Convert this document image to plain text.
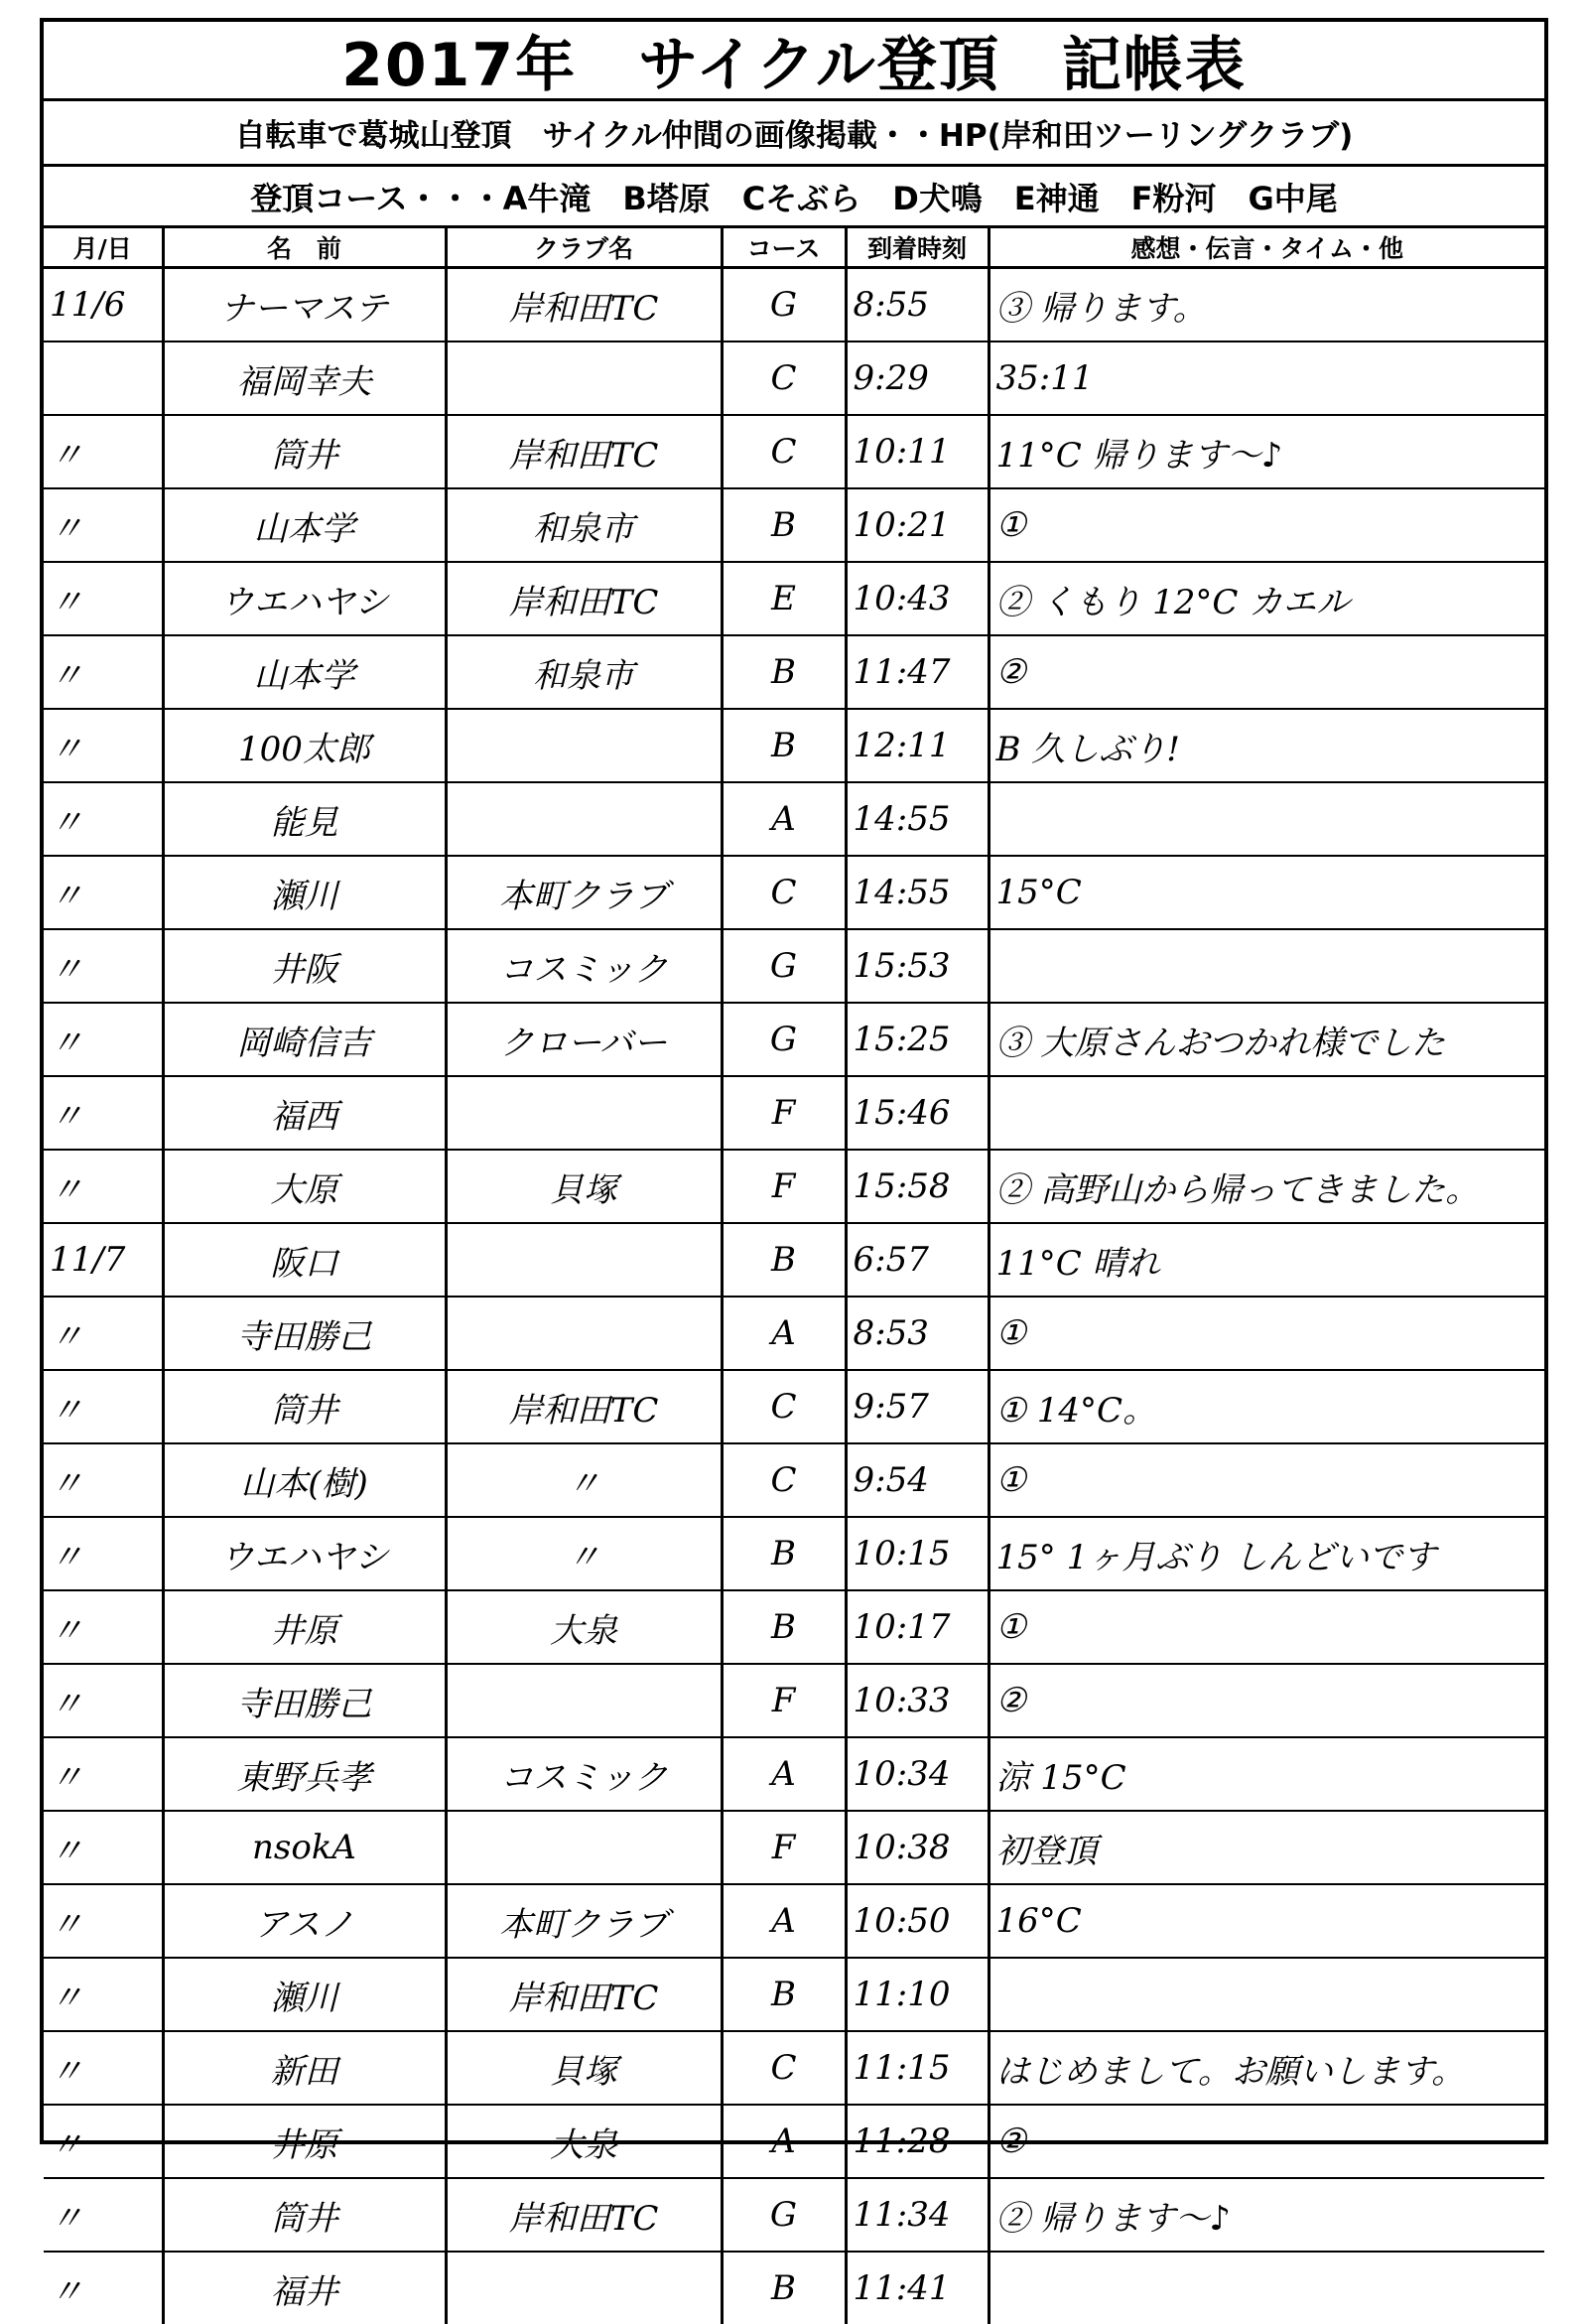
2017年　サイクル登頂　記帳表
自転車で葛城山登頂　サイクル仲間の画像掲載・・HP(岸和田ツーリングクラブ)
登頂コース・・・A牛滝　B塔原　Cそぶら　D犬鳴　E神通　F粉河　G中尾
月/日	名　前	クラブ名	コース	到着時刻	感想・伝言・タイム・他
11/6	ナーマステ	岸和田TC	G	8:55	③ 帰ります。
	福岡幸夫		C	9:29	35:11
〃	筒井	岸和田TC	C	10:11	11°C 帰ります～♪
〃	山本学	和泉市	B	10:21	①
〃	ウエハヤシ	岸和田TC	E	10:43	② くもり 12°C カエル
〃	山本学	和泉市	B	11:47	②
〃	100太郎		B	12:11	B 久しぶり!
〃	能見		A	14:55	
〃	瀬川	本町クラブ	C	14:55	15°C
〃	井阪	コスミック	G	15:53	
〃	岡崎信吉	クローバー	G	15:25	③ 大原さんおつかれ様でした
〃	福西		F	15:46	
〃	大原	貝塚	F	15:58	② 高野山から帰ってきました。
11/7	阪口		B	6:57	11°C 晴れ
〃	寺田勝己		A	8:53	①
〃	筒井	岸和田TC	C	9:57	① 14°C。
〃	山本(樹)	〃	C	9:54	①
〃	ウエハヤシ	〃	B	10:15	15° 1ヶ月ぶり しんどいです
〃	井原	大泉	B	10:17	①
〃	寺田勝己		F	10:33	②
〃	東野兵孝	コスミック	A	10:34	涼 15°C
〃	nsokA		F	10:38	初登頂
〃	アスノ	本町クラブ	A	10:50	16°C
〃	瀬川	岸和田TC	B	11:10	
〃	新田	貝塚	C	11:15	はじめまして。お願いします。
〃	井原	大泉	A	11:28	②
〃	筒井	岸和田TC	G	11:34	② 帰ります～♪
〃	福井		B	11:41	
